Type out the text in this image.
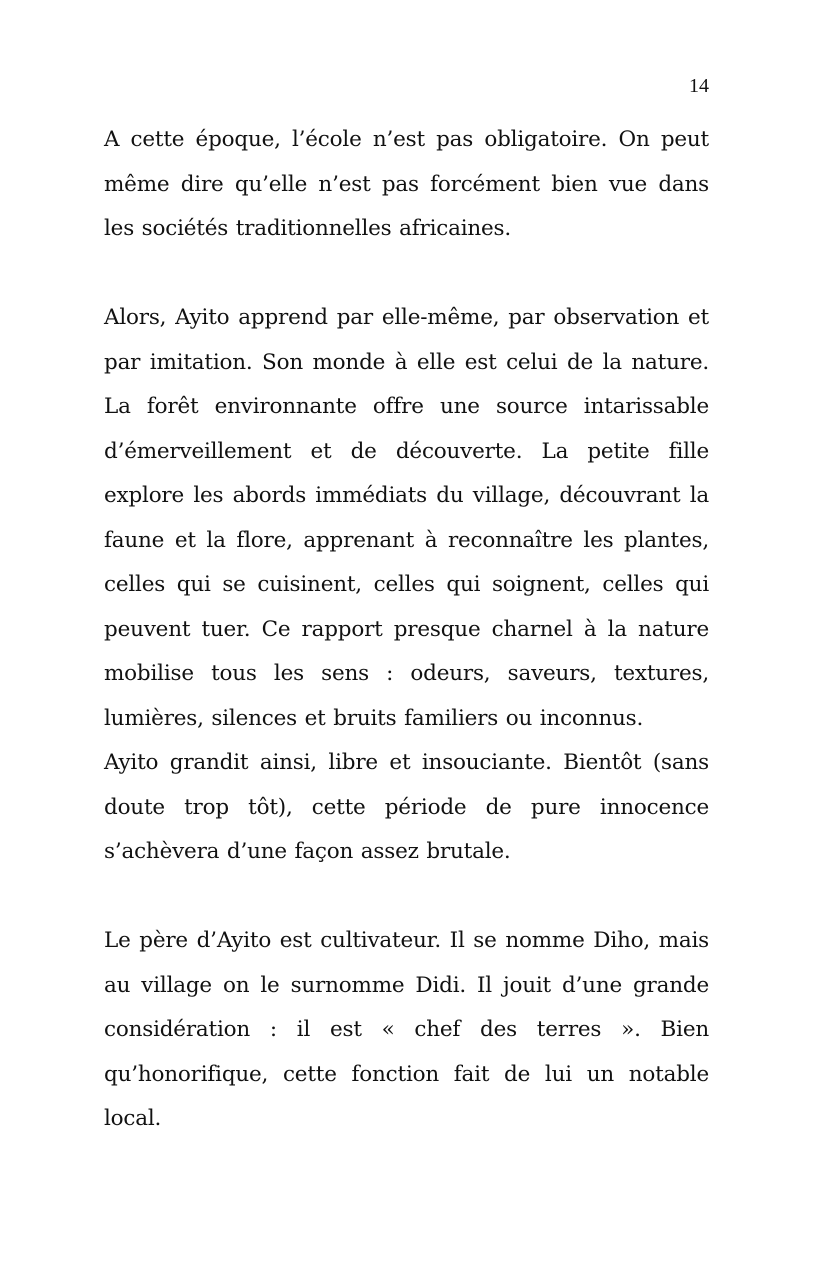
14

A cette époque, l’école n’est pas obligatoire. On peut même dire qu’elle n’est pas forcément bien vue dans les sociétés traditionnelles africaines.

Alors, Ayito apprend par elle-même, par observation et par imitation. Son monde à elle est celui de la nature. La forêt environnante offre une source intarissable d’émerveillement et de découverte. La petite fille explore les abords immédiats du village, découvrant la faune et la flore, apprenant à reconnaître les plantes, celles qui se cuisinent, celles qui soignent, celles qui peuvent tuer. Ce rapport presque charnel à la nature mobilise tous les sens : odeurs, saveurs, textures, lumières, silences et bruits familiers ou inconnus.

Ayito grandit ainsi, libre et insouciante. Bientôt (sans doute trop tôt), cette période de pure innocence s’achèvera d’une façon assez brutale.

Le père d’Ayito est cultivateur. Il se nomme Diho, mais au village on le surnomme Didi. Il jouit d’une grande considération : il est « chef des terres ». Bien qu’honorifique, cette fonction fait de lui un notable local.
